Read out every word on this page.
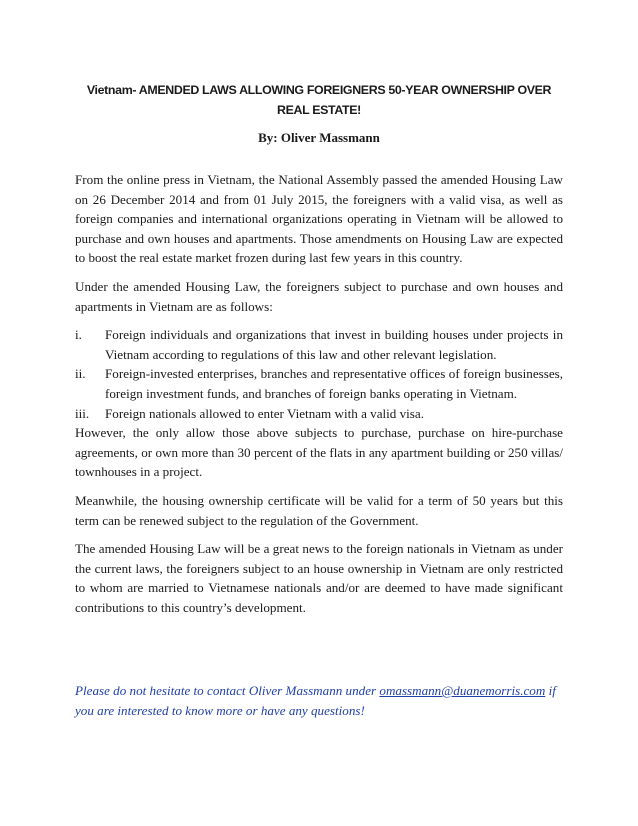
Vietnam- AMENDED LAWS ALLOWING FOREIGNERS 50-YEAR OWNERSHIP OVER
REAL ESTATE!

By: Oliver Massmann

From the online press in Vietnam, the National Assembly passed the amended Housing Law on 26 December 2014 and from 01 July 2015, the foreigners with a valid visa, as well as foreign companies and international organizations operating in Vietnam will be allowed to purchase and own houses and apartments. Those amendments on Housing Law are expected to boost the real estate market frozen during last few years in this country.

Under the amended Housing Law, the foreigners subject to purchase and own houses and apartments in Vietnam are as follows:

i.	Foreign individuals and organizations that invest in building houses under projects in Vietnam according to regulations of this law and other relevant legislation.
ii.	Foreign-invested enterprises, branches and representative offices of foreign businesses, foreign investment funds, and branches of foreign banks operating in Vietnam.
iii.	Foreign nationals allowed to enter Vietnam with a valid visa.

However, the only allow those above subjects to purchase, purchase on hire-purchase agreements, or own more than 30 percent of the flats in any apartment building or 250 villas/ townhouses in a project.

Meanwhile, the housing ownership certificate will be valid for a term of 50 years but this term can be renewed subject to the regulation of the Government.

The amended Housing Law will be a great news to the foreign nationals in Vietnam as under the current laws, the foreigners subject to an house ownership in Vietnam are only restricted to whom are married to Vietnamese nationals and/or are deemed to have made significant contributions to this country’s development.

Please do not hesitate to contact Oliver Massmann under omassmann@duanemorris.com if you are interested to know more or have any questions!
